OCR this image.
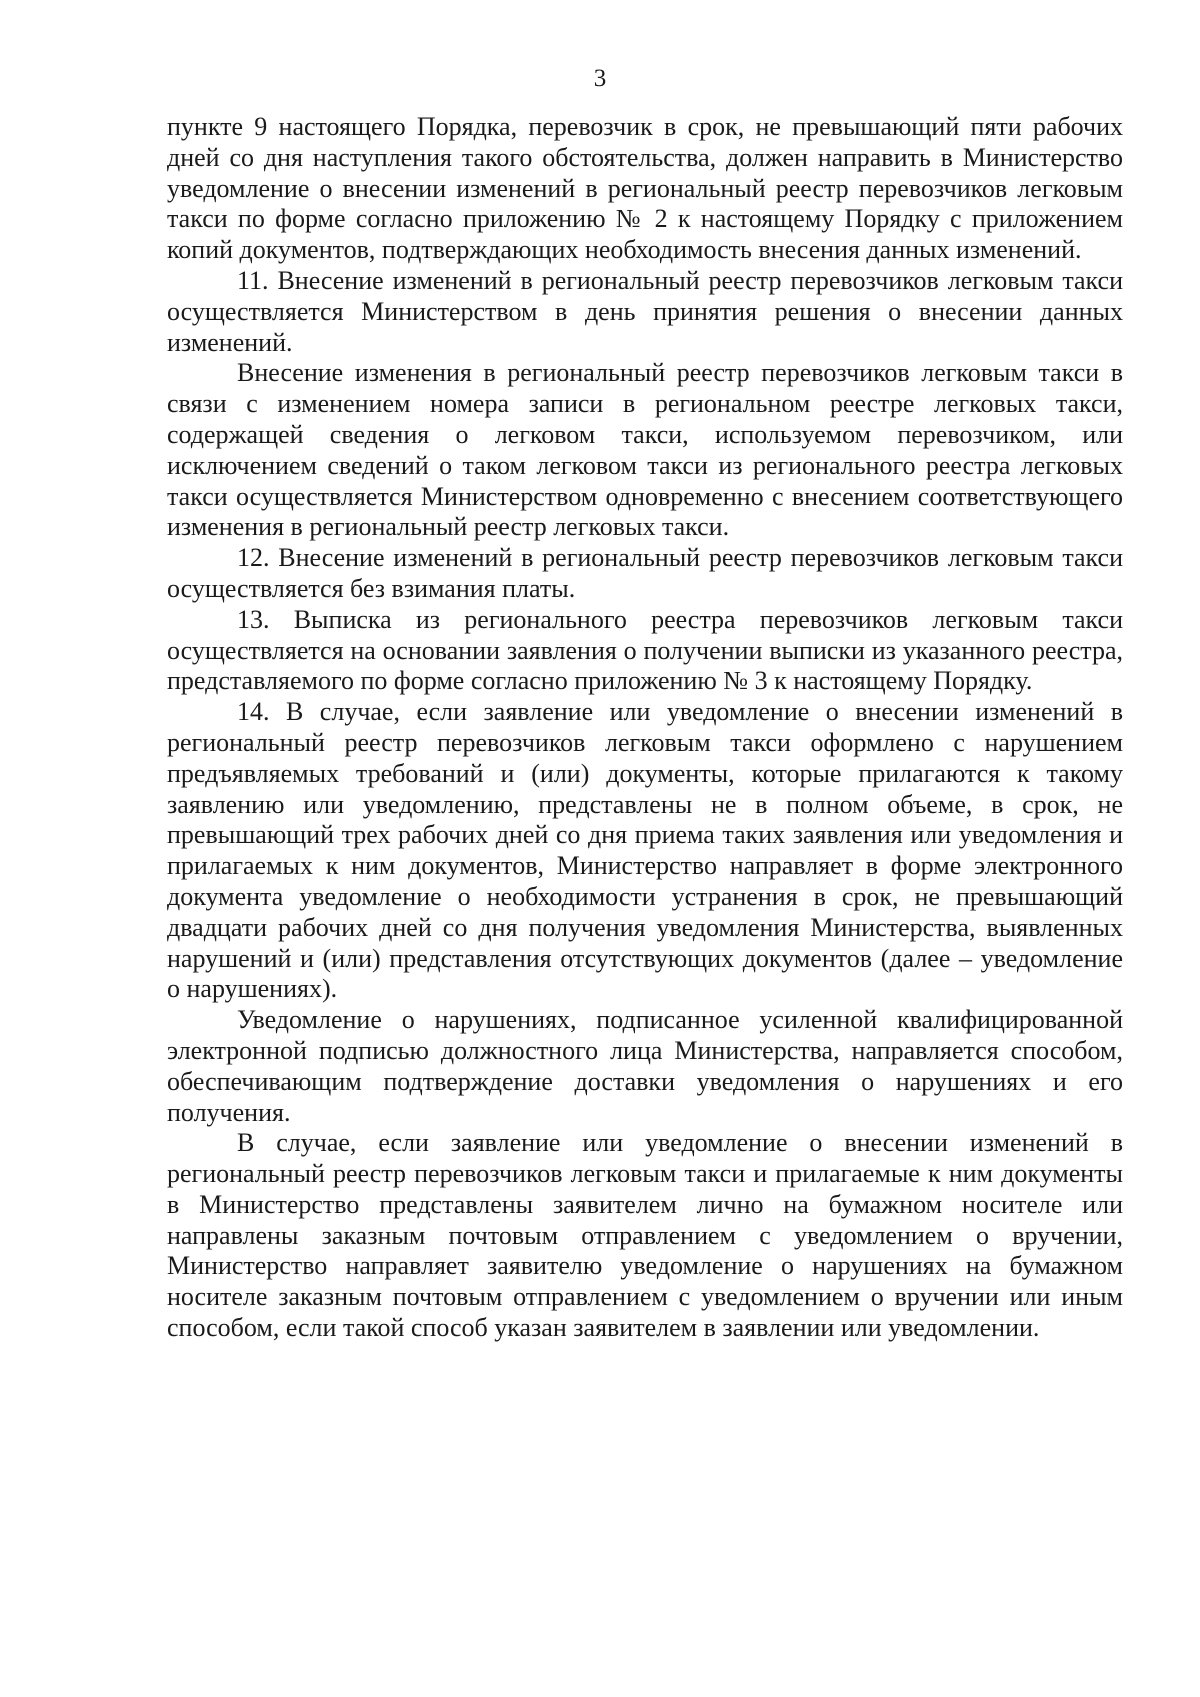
3

пункте 9 настоящего Порядка, перевозчик в срок, не превышающий пяти рабочих дней со дня наступления такого обстоятельства, должен направить в Министерство уведомление о внесении изменений в региональный реестр перевозчиков легковым такси по форме согласно приложению № 2 к настоящему Порядку с приложением копий документов, подтверждающих необходимость внесения данных изменений.

11. Внесение изменений в региональный реестр перевозчиков легковым такси осуществляется Министерством в день принятия решения о внесении данных изменений.

Внесение изменения в региональный реестр перевозчиков легковым такси в связи с изменением номера записи в региональном реестре легковых такси, содержащей сведения о легковом такси, используемом перевозчиком, или исключением сведений о таком легковом такси из регионального реестра легковых такси осуществляется Министерством одновременно с внесением соответствующего изменения в региональный реестр легковых такси.

12. Внесение изменений в региональный реестр перевозчиков легковым такси осуществляется без взимания платы.

13. Выписка из регионального реестра перевозчиков легковым такси осуществляется на основании заявления о получении выписки из указанного реестра, представляемого по форме согласно приложению № 3 к настоящему Порядку.

14. В случае, если заявление или уведомление о внесении изменений в региональный реестр перевозчиков легковым такси оформлено с нарушением предъявляемых требований и (или) документы, которые прилагаются к такому заявлению или уведомлению, представлены не в полном объеме, в срок, не превышающий трех рабочих дней со дня приема таких заявления или уведомления и прилагаемых к ним документов, Министерство направляет в форме электронного документа уведомление о необходимости устранения в срок, не превышающий двадцати рабочих дней со дня получения уведомления Министерства, выявленных нарушений и (или) представления отсутствующих документов (далее – уведомление о нарушениях).

Уведомление о нарушениях, подписанное усиленной квалифицированной электронной подписью должностного лица Министерства, направляется способом, обеспечивающим подтверждение доставки уведомления о нарушениях и его получения.

В случае, если заявление или уведомление о внесении изменений в региональный реестр перевозчиков легковым такси и прилагаемые к ним документы в Министерство представлены заявителем лично на бумажном носителе или направлены заказным почтовым отправлением с уведомлением о вручении, Министерство направляет заявителю уведомление о нарушениях на бумажном носителе заказным почтовым отправлением с уведомлением о вручении или иным способом, если такой способ указан заявителем в заявлении или уведомлении.
